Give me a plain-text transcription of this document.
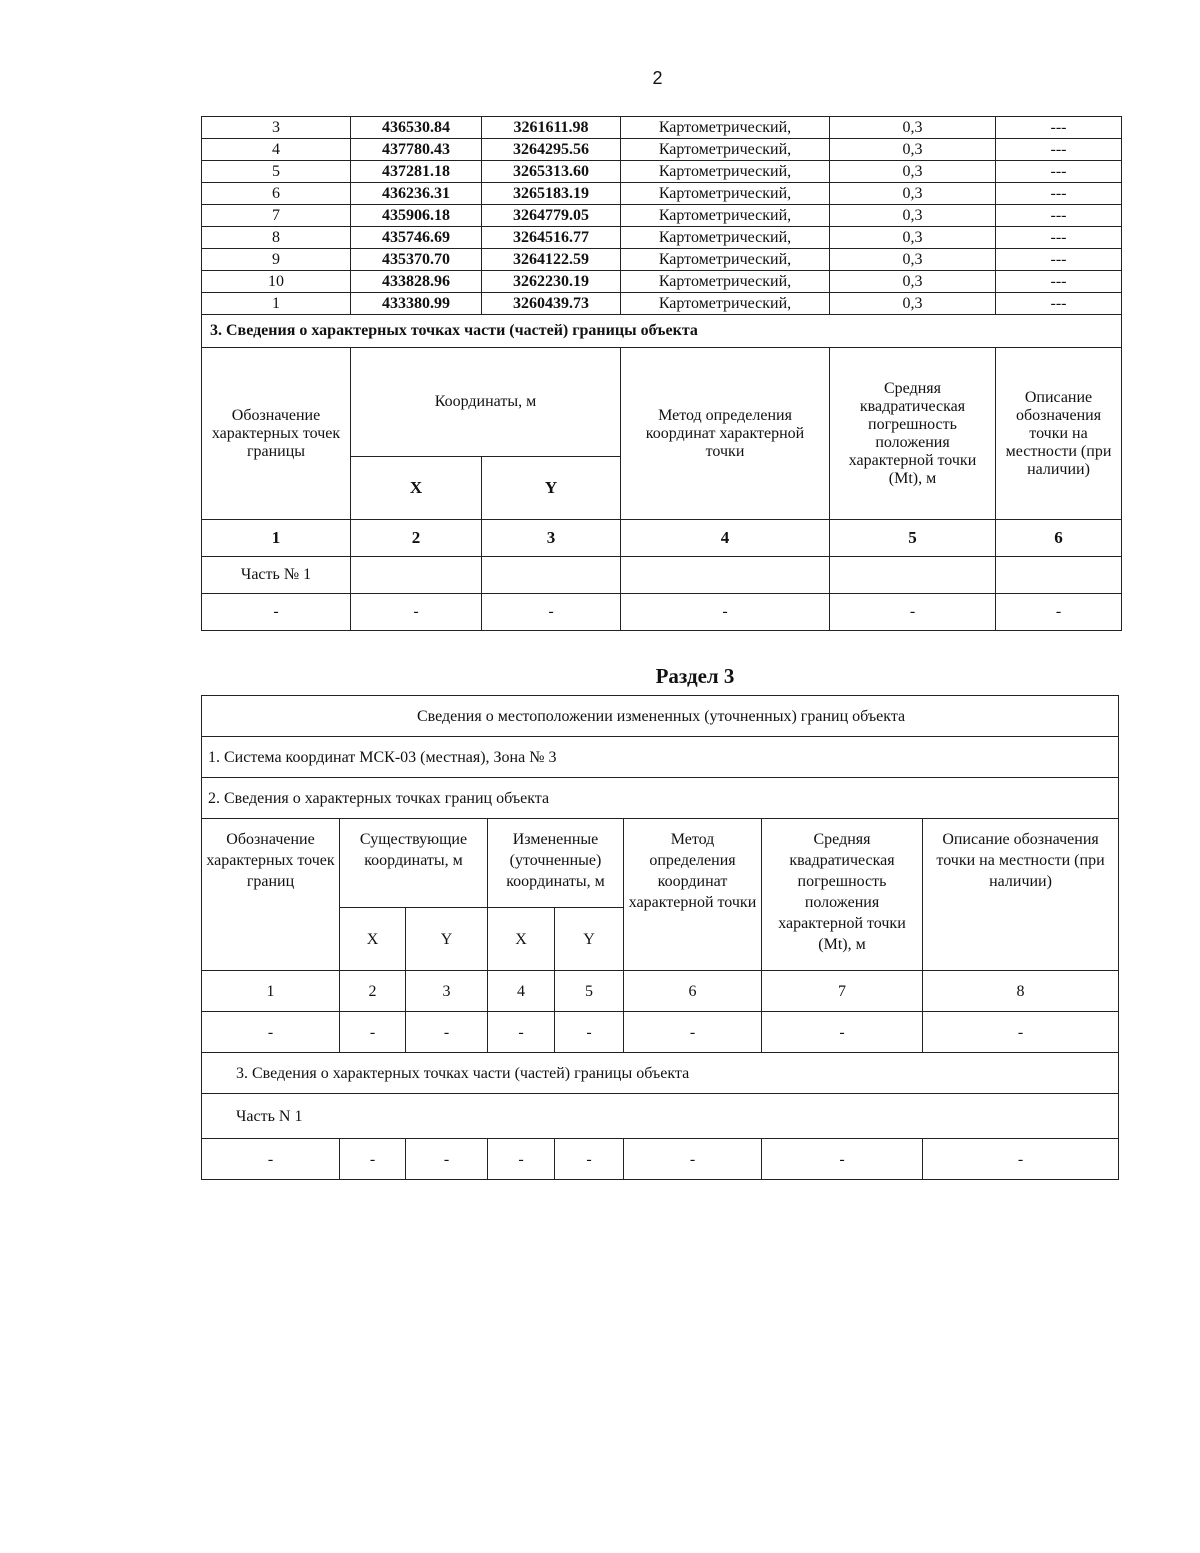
2
3	436530.84	3261611.98	Картометрический,	0,3	---
4	437780.43	3264295.56	Картометрический,	0,3	---
5	437281.18	3265313.60	Картометрический,	0,3	---
6	436236.31	3265183.19	Картометрический,	0,3	---
7	435906.18	3264779.05	Картометрический,	0,3	---
8	435746.69	3264516.77	Картометрический,	0,3	---
9	435370.70	3264122.59	Картометрический,	0,3	---
10	433828.96	3262230.19	Картометрический,	0,3	---
1	433380.99	3260439.73	Картометрический,	0,3	---
3. Сведения о характерных точках части (частей) границы объекта					
Обозначение характерных точек границы	Координаты, м		Метод определения координат характерной точки	Средняя квадратическая погрешность положения характерной точки (Mt), м	Описание обозначения точки на местности (при наличии)
	X	Y			
1	2	3	4	5	6
Часть № 1					
-	-	-	-	-	-
Раздел 3
Сведения о местоположении измененных (уточненных) границ объекта							
1. Система координат МСК-03 (местная), Зона № 3							
2. Сведения о характерных точках границ объекта							
Обозначение характерных точек границ	Существующие координаты, м		Измененные (уточненные) координаты, м		Метод определения координат характерной точки	Средняя квадратическая погрешность положения характерной точки (Mt), м	Описание обозначения точки на местности (при наличии)
	X	Y	X	Y			
1	2	3	4	5	6	7	8
-	-	-	-	-	-	-	-
3. Сведения о характерных точках части (частей) границы объекта							
Часть N 1							
-	-	-	-	-	-	-	-
